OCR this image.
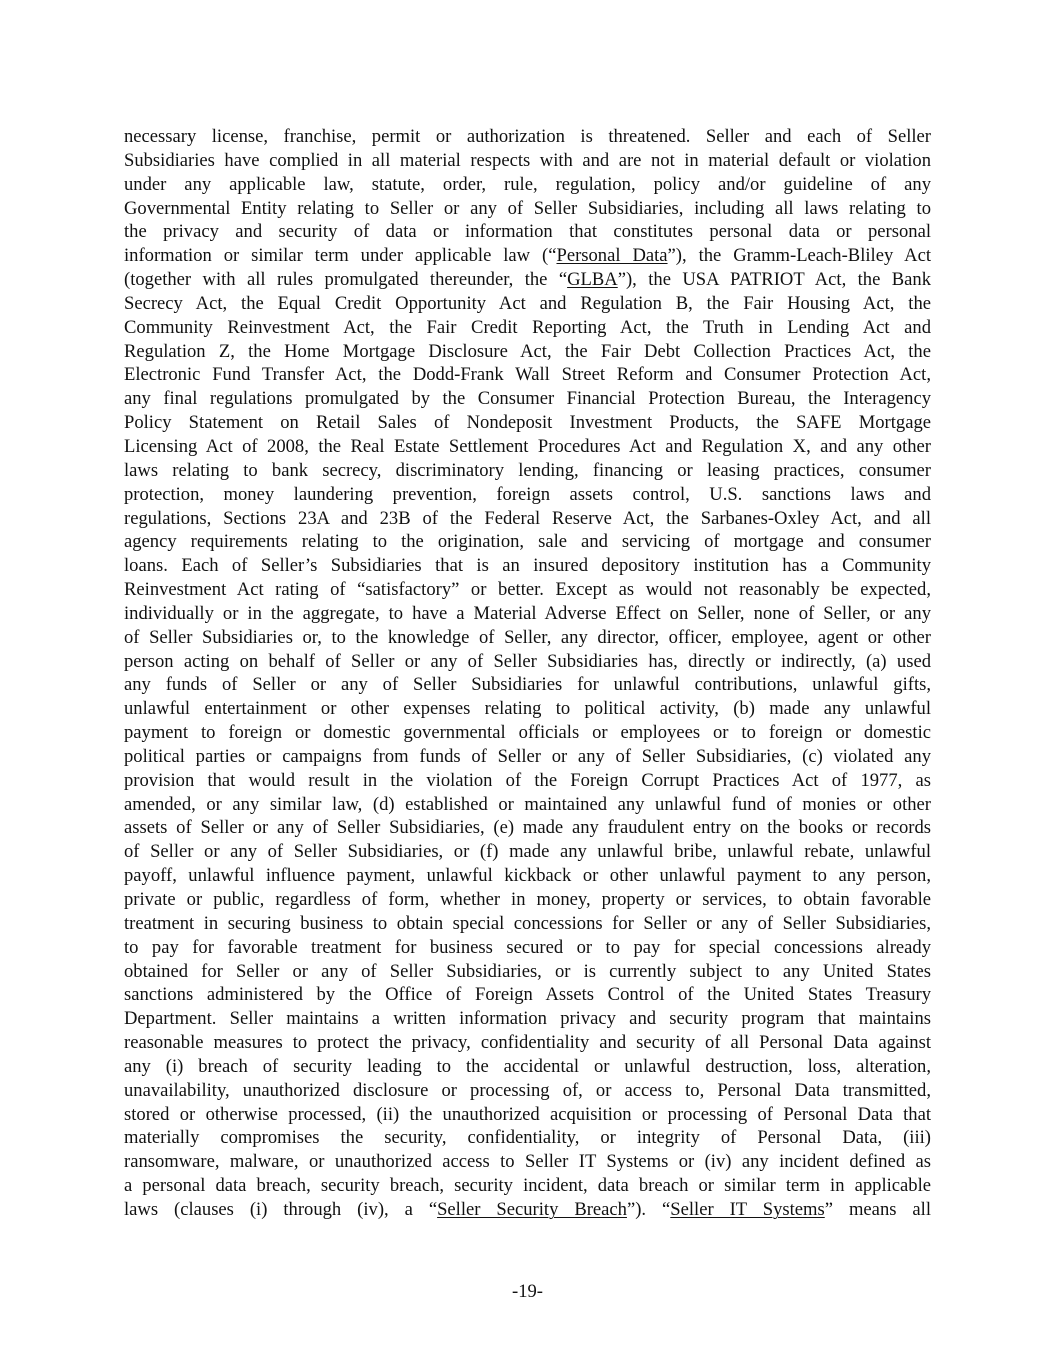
necessary license, franchise, permit or authorization is threatened. Seller and each of Seller
Subsidiaries have complied in all material respects with and are not in material default or violation
under any applicable law, statute, order, rule, regulation, policy and/or guideline of any
Governmental Entity relating to Seller or any of Seller Subsidiaries, including all laws relating to
the privacy and security of data or information that constitutes personal data or personal
information or similar term under applicable law (“Personal Data”), the Gramm-Leach-Bliley Act
(together with all rules promulgated thereunder, the “GLBA”), the USA PATRIOT Act, the Bank
Secrecy Act, the Equal Credit Opportunity Act and Regulation B, the Fair Housing Act, the
Community Reinvestment Act, the Fair Credit Reporting Act, the Truth in Lending Act and
Regulation Z, the Home Mortgage Disclosure Act, the Fair Debt Collection Practices Act, the
Electronic Fund Transfer Act, the Dodd-Frank Wall Street Reform and Consumer Protection Act,
any final regulations promulgated by the Consumer Financial Protection Bureau, the Interagency
Policy Statement on Retail Sales of Nondeposit Investment Products, the SAFE Mortgage
Licensing Act of 2008, the Real Estate Settlement Procedures Act and Regulation X, and any other
laws relating to bank secrecy, discriminatory lending, financing or leasing practices, consumer
protection, money laundering prevention, foreign assets control, U.S. sanctions laws and
regulations, Sections 23A and 23B of the Federal Reserve Act, the Sarbanes-Oxley Act, and all
agency requirements relating to the origination, sale and servicing of mortgage and consumer
loans. Each of Seller’s Subsidiaries that is an insured depository institution has a Community
Reinvestment Act rating of “satisfactory” or better. Except as would not reasonably be expected,
individually or in the aggregate, to have a Material Adverse Effect on Seller, none of Seller, or any
of Seller Subsidiaries or, to the knowledge of Seller, any director, officer, employee, agent or other
person acting on behalf of Seller or any of Seller Subsidiaries has, directly or indirectly, (a) used
any funds of Seller or any of Seller Subsidiaries for unlawful contributions, unlawful gifts,
unlawful entertainment or other expenses relating to political activity, (b) made any unlawful
payment to foreign or domestic governmental officials or employees or to foreign or domestic
political parties or campaigns from funds of Seller or any of Seller Subsidiaries, (c) violated any
provision that would result in the violation of the Foreign Corrupt Practices Act of 1977, as
amended, or any similar law, (d) established or maintained any unlawful fund of monies or other
assets of Seller or any of Seller Subsidiaries, (e) made any fraudulent entry on the books or records
of Seller or any of Seller Subsidiaries, or (f) made any unlawful bribe, unlawful rebate, unlawful
payoff, unlawful influence payment, unlawful kickback or other unlawful payment to any person,
private or public, regardless of form, whether in money, property or services, to obtain favorable
treatment in securing business to obtain special concessions for Seller or any of Seller Subsidiaries,
to pay for favorable treatment for business secured or to pay for special concessions already
obtained for Seller or any of Seller Subsidiaries, or is currently subject to any United States
sanctions administered by the Office of Foreign Assets Control of the United States Treasury
Department. Seller maintains a written information privacy and security program that maintains
reasonable measures to protect the privacy, confidentiality and security of all Personal Data against
any (i) breach of security leading to the accidental or unlawful destruction, loss, alteration,
unavailability, unauthorized disclosure or processing of, or access to, Personal Data transmitted,
stored or otherwise processed, (ii) the unauthorized acquisition or processing of Personal Data that
materially compromises the security, confidentiality, or integrity of Personal Data, (iii)
ransomware, malware, or unauthorized access to Seller IT Systems or (iv) any incident defined as
a personal data breach, security breach, security incident, data breach or similar term in applicable
laws (clauses (i) through (iv), a “Seller Security Breach”). “Seller IT Systems” means all
-19-
